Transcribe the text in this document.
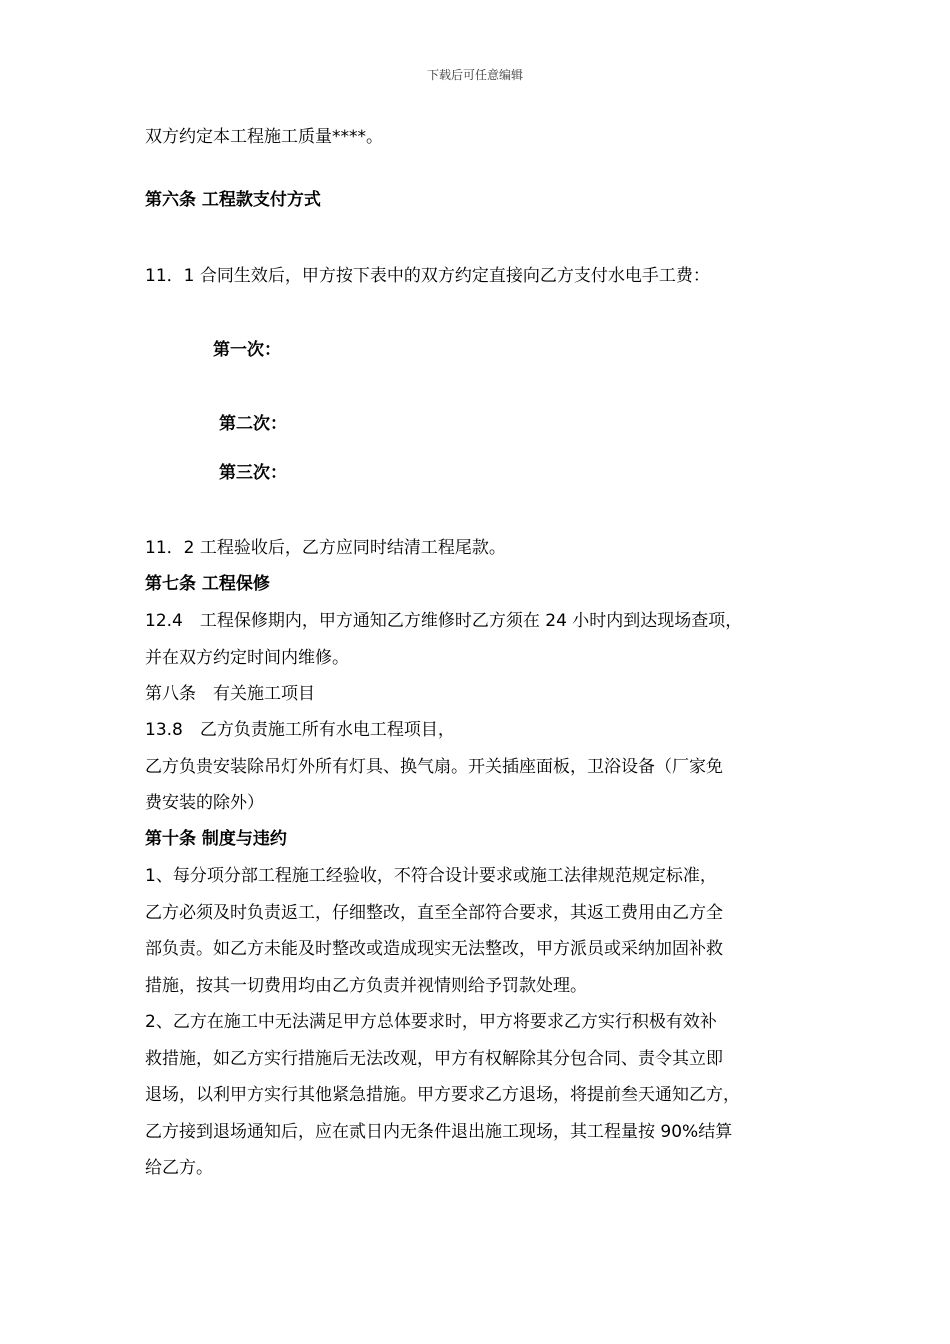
下载后可任意编辑
双方约定本工程施工质量****。
第六条 工程款支付方式
11．1 合同生效后，甲方按下表中的双方约定直接向乙方支付水电手工费：
第一次：
第二次：
第三次：
11．2 工程验收后，乙方应同时结清工程尾款。
第七条 工程保修
12.4　工程保修期内，甲方通知乙方维修时乙方须在 24 小时内到达现场查项，
并在双方约定时间内维修。
第八条　有关施工项目
13.8　乙方负责施工所有水电工程项目，
乙方负贵安装除吊灯外所有灯具、换气扇。开关插座面板，卫浴设备（厂家免
费安装的除外）
第十条 制度与违约
1、每分项分部工程施工经验收，不符合设计要求或施工法律规范规定标准，
乙方必须及时负责返工，仔细整改，直至全部符合要求，其返工费用由乙方全
部负责。如乙方未能及时整改或造成现实无法整改，甲方派员或采纳加固补救
措施，按其一切费用均由乙方负责并视情则给予罚款处理。
2、乙方在施工中无法满足甲方总体要求时，甲方将要求乙方实行积极有效补
救措施，如乙方实行措施后无法改观，甲方有权解除其分包合同、责令其立即
退场，以利甲方实行其他紧急措施。甲方要求乙方退场，将提前叁天通知乙方，
乙方接到退场通知后，应在贰日内无条件退出施工现场，其工程量按 90%结算
给乙方。
